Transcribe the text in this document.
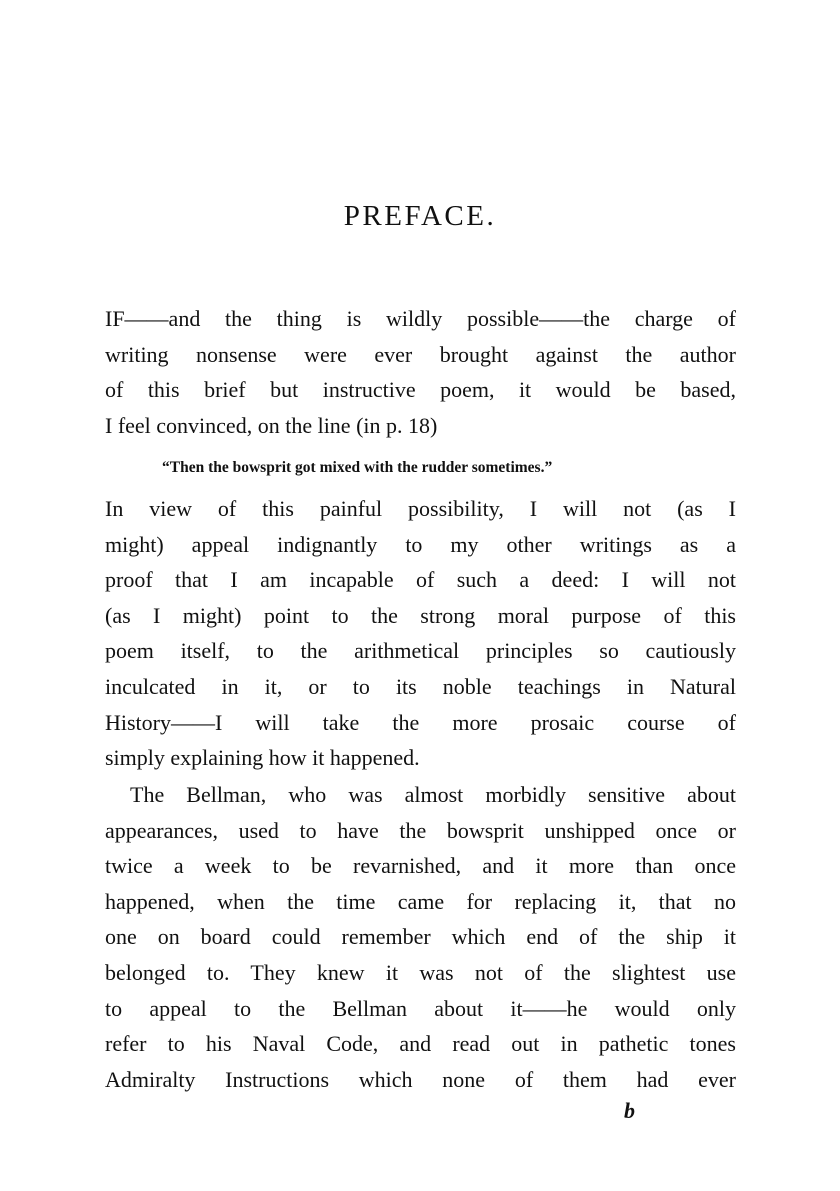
PREFACE.
IF——and the thing is wildly possible——the charge of
writing nonsense were ever brought against the author
of this brief but instructive poem, it would be based,
I feel convinced, on the line (in p. 18)
“Then the bowsprit got mixed with the rudder sometimes.”
In view of this painful possibility, I will not (as I
might) appeal indignantly to my other writings as a
proof that I am incapable of such a deed: I will not
(as I might) point to the strong moral purpose of this
poem itself, to the arithmetical principles so cautiously
inculcated in it, or to its noble teachings in Natural
History——I will take the more prosaic course of
simply explaining how it happened.
The Bellman, who was almost morbidly sensitive about
appearances, used to have the bowsprit unshipped once or
twice a week to be revarnished, and it more than once
happened, when the time came for replacing it, that no
one on board could remember which end of the ship it
belonged to. They knew it was not of the slightest use
to appeal to the Bellman about it——he would only
refer to his Naval Code, and read out in pathetic tones
Admiralty Instructions which none of them had ever
b
